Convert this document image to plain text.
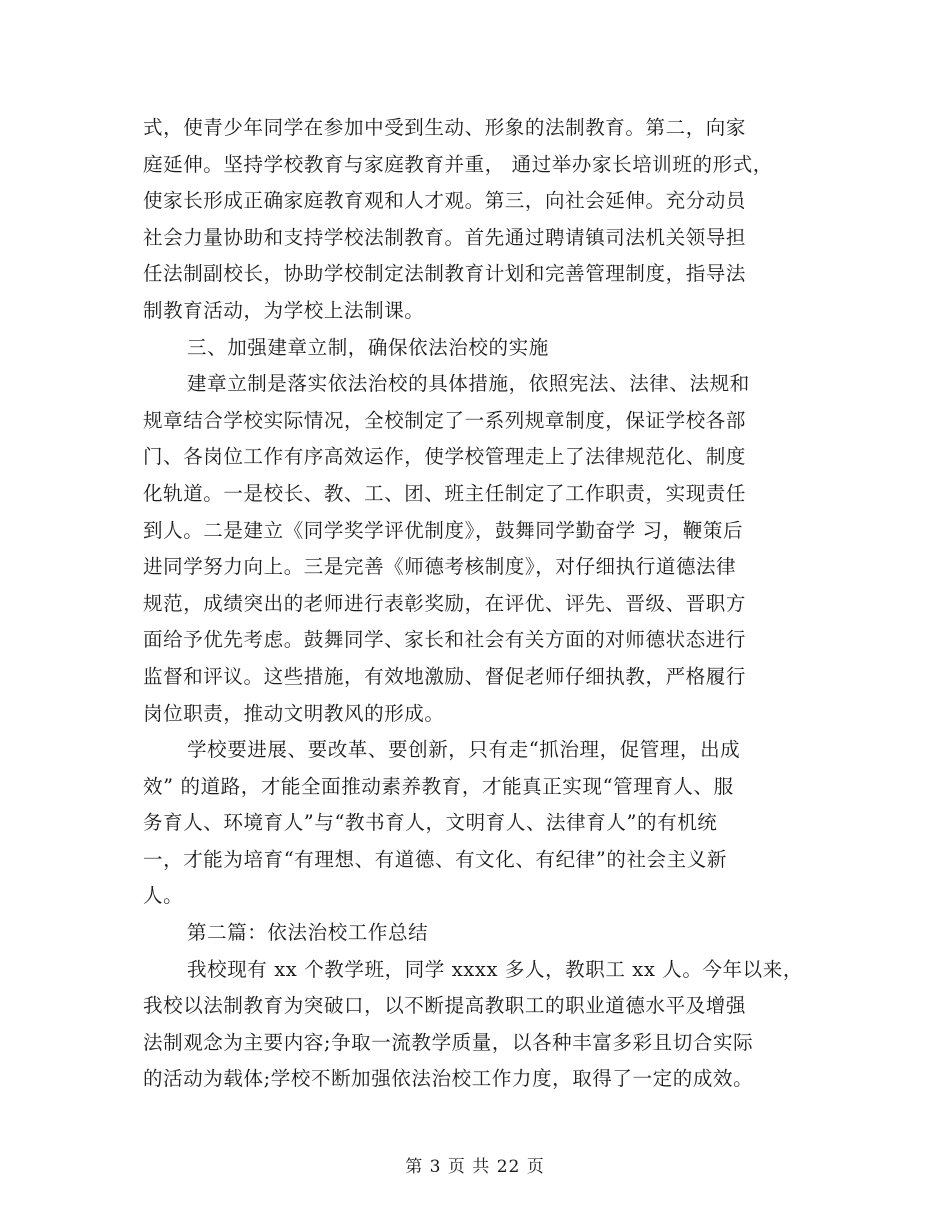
式，使青少年同学在参加中受到生动、形象的法制教育。第二，向家
庭延伸。坚持学校教育与家庭教育并重， 通过举办家长培训班的形式，
使家长形成正确家庭教育观和人才观。第三，向社会延伸。充分动员
社会力量协助和支持学校法制教育。首先通过聘请镇司法机关领导担
任法制副校长，协助学校制定法制教育计划和完善管理制度，指导法
制教育活动，为学校上法制课。
三、加强建章立制，确保依法治校的实施
建章立制是落实依法治校的具体措施，依照宪法、法律、法规和
规章结合学校实际情况，全校制定了一系列规章制度，保证学校各部
门、各岗位工作有序高效运作，使学校管理走上了法律规范化、制度
化轨道。一是校长、教、工、团、班主任制定了工作职责，实现责任
到人。二是建立《同学奖学评优制度》，鼓舞同学勤奋学 习，鞭策后
进同学努力向上。三是完善《师德考核制度》，对仔细执行道德法律
规范，成绩突出的老师进行表彰奖励，在评优、评先、晋级、晋职方
面给予优先考虑。鼓舞同学、家长和社会有关方面的对师德状态进行
监督和评议。这些措施，有效地激励、督促老师仔细执教，严格履行
岗位职责，推动文明教风的形成。
学校要进展、要改革、要创新，只有走“抓治理，促管理，出成
效” 的道路，才能全面推动素养教育，才能真正实现“管理育人、服
务育人、环境育人”与“教书育人，文明育人、法律育人”的有机统
一，才能为培育“有理想、有道德、有文化、有纪律”的社会主义新
人。
第二篇：依法治校工作总结
我校现有 xx 个教学班，同学 xxxx 多人，教职工 xx 人。今年以来，
我校以法制教育为突破口，以不断提高教职工的职业道德水平及增强
法制观念为主要内容;争取一流教学质量，以各种丰富多彩且切合实际
的活动为载体;学校不断加强依法治校工作力度，取得了一定的成效。
第 3 页 共 22 页
